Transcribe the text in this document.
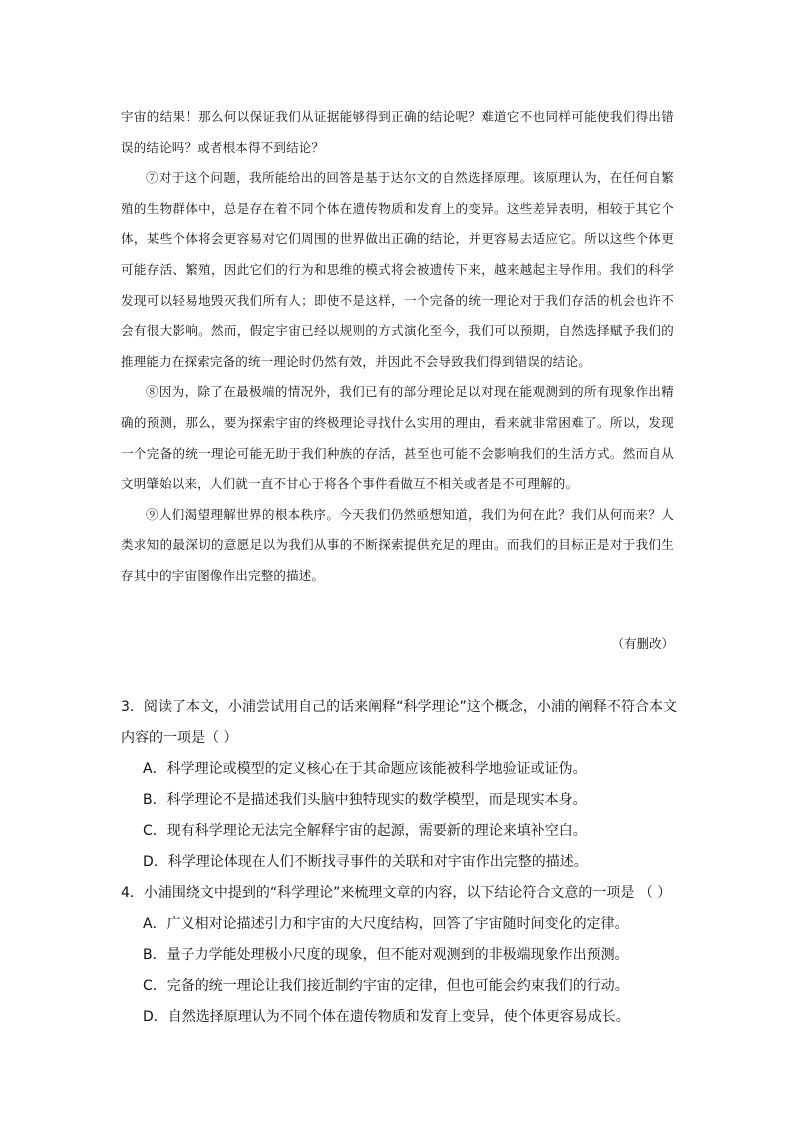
宇宙的结果！那么何以保证我们从证据能够得到正确的结论呢？难道它不也同样可能使我们得出错误的结论吗？或者根本得不到结论？

⑦对于这个问题，我所能给出的回答是基于达尔文的自然选择原理。该原理认为，在任何自繁殖的生物群体中，总是存在着不同个体在遗传物质和发育上的变异。这些差异表明，相较于其它个体，某些个体将会更容易对它们周围的世界做出正确的结论，并更容易去适应它。所以这些个体更可能存活、繁殖，因此它们的行为和思维的模式将会被遗传下来，越来越起主导作用。我们的科学发现可以轻易地毁灭我们所有人；即使不是这样，一个完备的统一理论对于我们存活的机会也许不会有很大影响。然而，假定宇宙已经以规则的方式演化至今，我们可以预期，自然选择赋予我们的推理能力在探索完备的统一理论时仍然有效，并因此不会导致我们得到错误的结论。

⑧因为，除了在最极端的情况外，我们已有的部分理论足以对现在能观测到的所有现象作出精确的预测，那么，要为探索宇宙的终极理论寻找什么实用的理由，看来就非常困难了。所以，发现一个完备的统一理论可能无助于我们种族的存活，甚至也可能不会影响我们的生活方式。然而自从文明肇始以来，人们就一直不甘心于将各个事件看做互不相关或者是不可理解的。

⑨人们渴望理解世界的根本秩序。今天我们仍然亟想知道，我们为何在此？我们从何而来？人类求知的最深切的意愿足以为我们从事的不断探索提供充足的理由。而我们的目标正是对于我们生存其中的宇宙图像作出完整的描述。

（有删改）

3．阅读了本文，小浦尝试用自己的话来阐释“科学理论”这个概念，小浦的阐释不符合本文内容的一项是（ ）

A．科学理论或模型的定义核心在于其命题应该能被科学地验证或证伪。
B．科学理论不是描述我们头脑中独特现实的数学模型，而是现实本身。
C．现有科学理论无法完全解释宇宙的起源，需要新的理论来填补空白。
D．科学理论体现在人们不断找寻事件的关联和对宇宙作出完整的描述。

4．小浦围绕文中提到的“科学理论”来梳理文章的内容，以下结论符合文意的一项是 （ ）

A．广义相对论描述引力和宇宙的大尺度结构，回答了宇宙随时间变化的定律。
B．量子力学能处理极小尺度的现象，但不能对观测到的非极端现象作出预测。
C．完备的统一理论让我们接近制约宇宙的定律，但也可能会约束我们的行动。
D．自然选择原理认为不同个体在遗传物质和发育上变异，使个体更容易成长。
